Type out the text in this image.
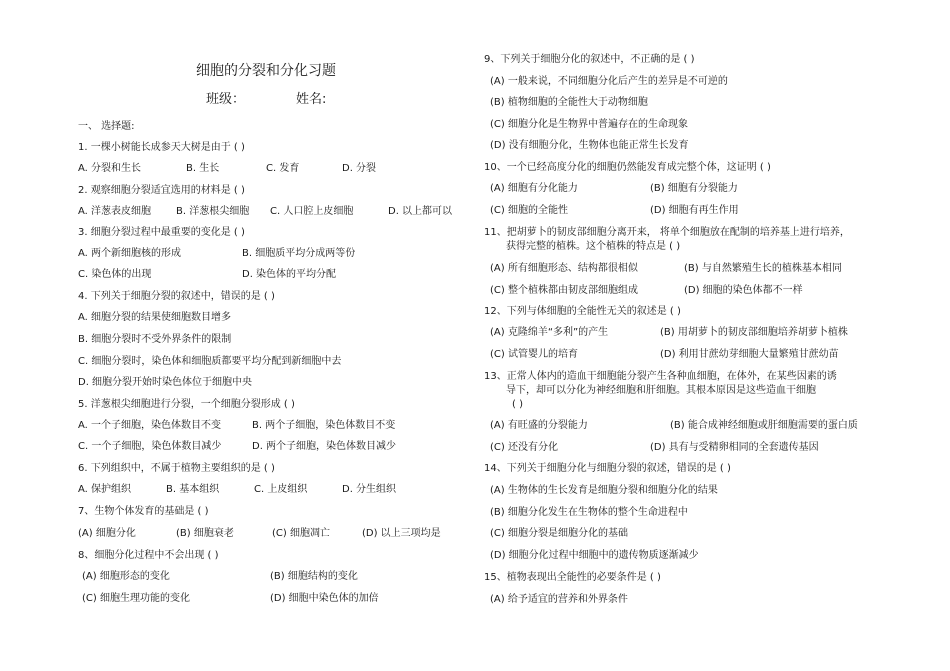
细胞的分裂和分化习题
班级：	姓名:
一、 选择题:
1. 一棵小树能长成参天大树是由于 ( )
A. 分裂和生长	B. 生长	C. 发育	D. 分裂
2. 观察细胞分裂适宜选用的材料是 ( )
A. 洋葱表皮细胞 B. 洋葱根尖细胞 C. 人口腔上皮细胞	D. 以上都可以
3. 细胞分裂过程中最重要的变化是 ( )
A. 两个新细胞核的形成	B. 细胞质平均分成两等份
C. 染色体的出现	D. 染色体的平均分配
4. 下列关于细胞分裂的叙述中，错误的是 ( )
A. 细胞分裂的结果使细胞数目增多
B. 细胞分裂时不受外界条件的限制
C. 细胞分裂时，染色体和细胞质都要平均分配到新细胞中去
D. 细胞分裂开始时染色体位于细胞中央
5. 洋葱根尖细胞进行分裂，一个细胞分裂形成 ( )
A. 一个子细胞，染色体数目不变	B. 两个子细胞，染色体数目不变
C. 一个子细胞，染色体数目减少	D. 两个子细胞，染色体数目减少
6. 下列组织中，不属于植物主要组织的是 ( )
A. 保护组织	B. 基本组织	C. 上皮组织	D. 分生组织
7、生物个体发育的基础是 ( )
(A) 细胞分化	(B) 细胞衰老	(C) 细胞凋亡	(D) 以上三项均是
8、细胞分化过程中不会出现 ( )
(A) 细胞形态的变化	(B) 细胞结构的变化
(C) 细胞生理功能的变化	(D) 细胞中染色体的加倍
9、下列关于细胞分化的叙述中，不正确的是 ( )
(A) 一般来说，不同细胞分化后产生的差异是不可逆的
(B) 植物细胞的全能性大于动物细胞
(C) 细胞分化是生物界中普遍存在的生命现象
(D) 没有细胞分化，生物体也能正常生长发育
10、一个已经高度分化的细胞仍然能发育成完整个体，这证明 ( )
(A) 细胞有分化能力	(B) 细胞有分裂能力
(C) 细胞的全能性	(D) 细胞有再生作用
11、把胡萝卜的韧皮部细胞分离开来， 将单个细胞放在配制的培养基上进行培养，
获得完整的植株。这个植株的特点是 ( )
(A) 所有细胞形态、结构都很相似	(B) 与自然繁殖生长的植株基本相同
(C) 整个植株都由韧皮部细胞组成	(D) 细胞的染色体都不一样
12、下列与体细胞的全能性无关的叙述是 ( )
(A) 克隆绵羊“多利”的产生	(B) 用胡萝卜的韧皮部细胞培养胡萝卜植株
(C) 试管婴儿的培育	(D) 利用甘蔗幼芽细胞大量繁殖甘蔗幼苗
13、正常人体内的造血干细胞能分裂产生各种血细胞，在体外，在某些因素的诱
导下，却可以分化为神经细胞和肝细胞。其根本原因是这些造血干细胞
( )
(A) 有旺盛的分裂能力	(B) 能合成神经细胞或肝细胞需要的蛋白质
(C) 还没有分化	(D) 具有与受精卵相同的全套遗传基因
14、下列关于细胞分化与细胞分裂的叙述，错误的是 ( )
(A) 生物体的生长发育是细胞分裂和细胞分化的结果
(B) 细胞分化发生在生物体的整个生命进程中
(C) 细胞分裂是细胞分化的基础
(D) 细胞分化过程中细胞中的遗传物质逐渐减少
15、植物表现出全能性的必要条件是 ( )
(A) 给予适宜的营养和外界条件
